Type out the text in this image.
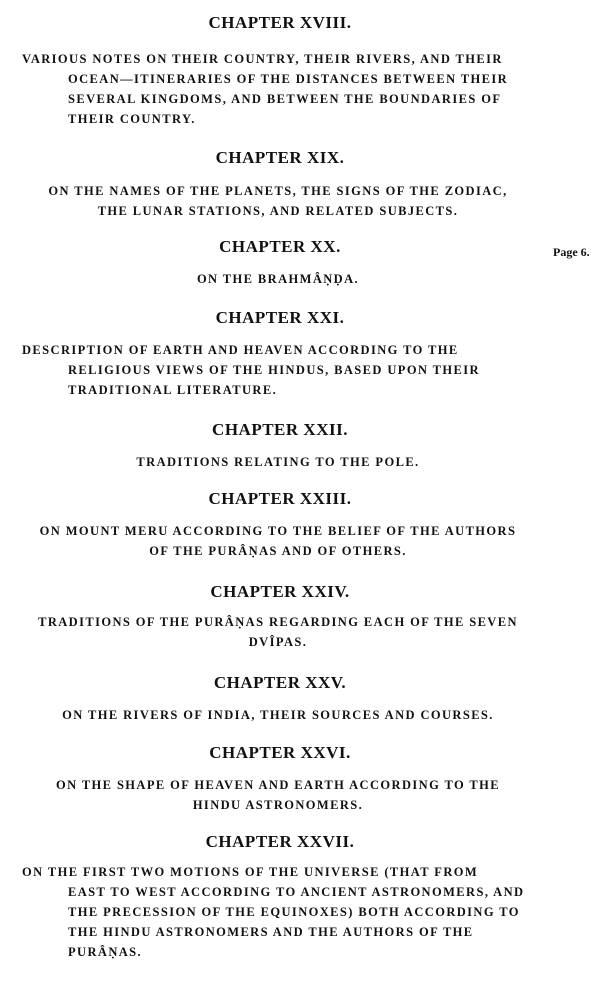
CHAPTER XVIII.

VARIOUS NOTES ON THEIR COUNTRY, THEIR RIVERS, AND THEIR
OCEAN—ITINERARIES OF THE DISTANCES BETWEEN THEIR
SEVERAL KINGDOMS, AND BETWEEN THE BOUNDARIES OF
THEIR COUNTRY.

CHAPTER XIX.

ON THE NAMES OF THE PLANETS, THE SIGNS OF THE ZODIAC,
THE LUNAR STATIONS, AND RELATED SUBJECTS.

CHAPTER XX.

ON THE BRAHMÂṆḌA.

CHAPTER XXI.

DESCRIPTION OF EARTH AND HEAVEN ACCORDING TO THE
RELIGIOUS VIEWS OF THE HINDUS, BASED UPON THEIR
TRADITIONAL LITERATURE.

CHAPTER XXII.

TRADITIONS RELATING TO THE POLE.

CHAPTER XXIII.

ON MOUNT MERU ACCORDING TO THE BELIEF OF THE AUTHORS
OF THE PURÂṆAS AND OF OTHERS.

CHAPTER XXIV.

TRADITIONS OF THE PURÂṆAS REGARDING EACH OF THE SEVEN
DVÎPAS.

CHAPTER XXV.

ON THE RIVERS OF INDIA, THEIR SOURCES AND COURSES.

CHAPTER XXVI.

ON THE SHAPE OF HEAVEN AND EARTH ACCORDING TO THE
HINDU ASTRONOMERS.

CHAPTER XXVII.

ON THE FIRST TWO MOTIONS OF THE UNIVERSE (THAT FROM
EAST TO WEST ACCORDING TO ANCIENT ASTRONOMERS, AND
THE PRECESSION OF THE EQUINOXES) BOTH ACCORDING TO
THE HINDU ASTRONOMERS AND THE AUTHORS OF THE
PURÂṆAS.

Page 6.
